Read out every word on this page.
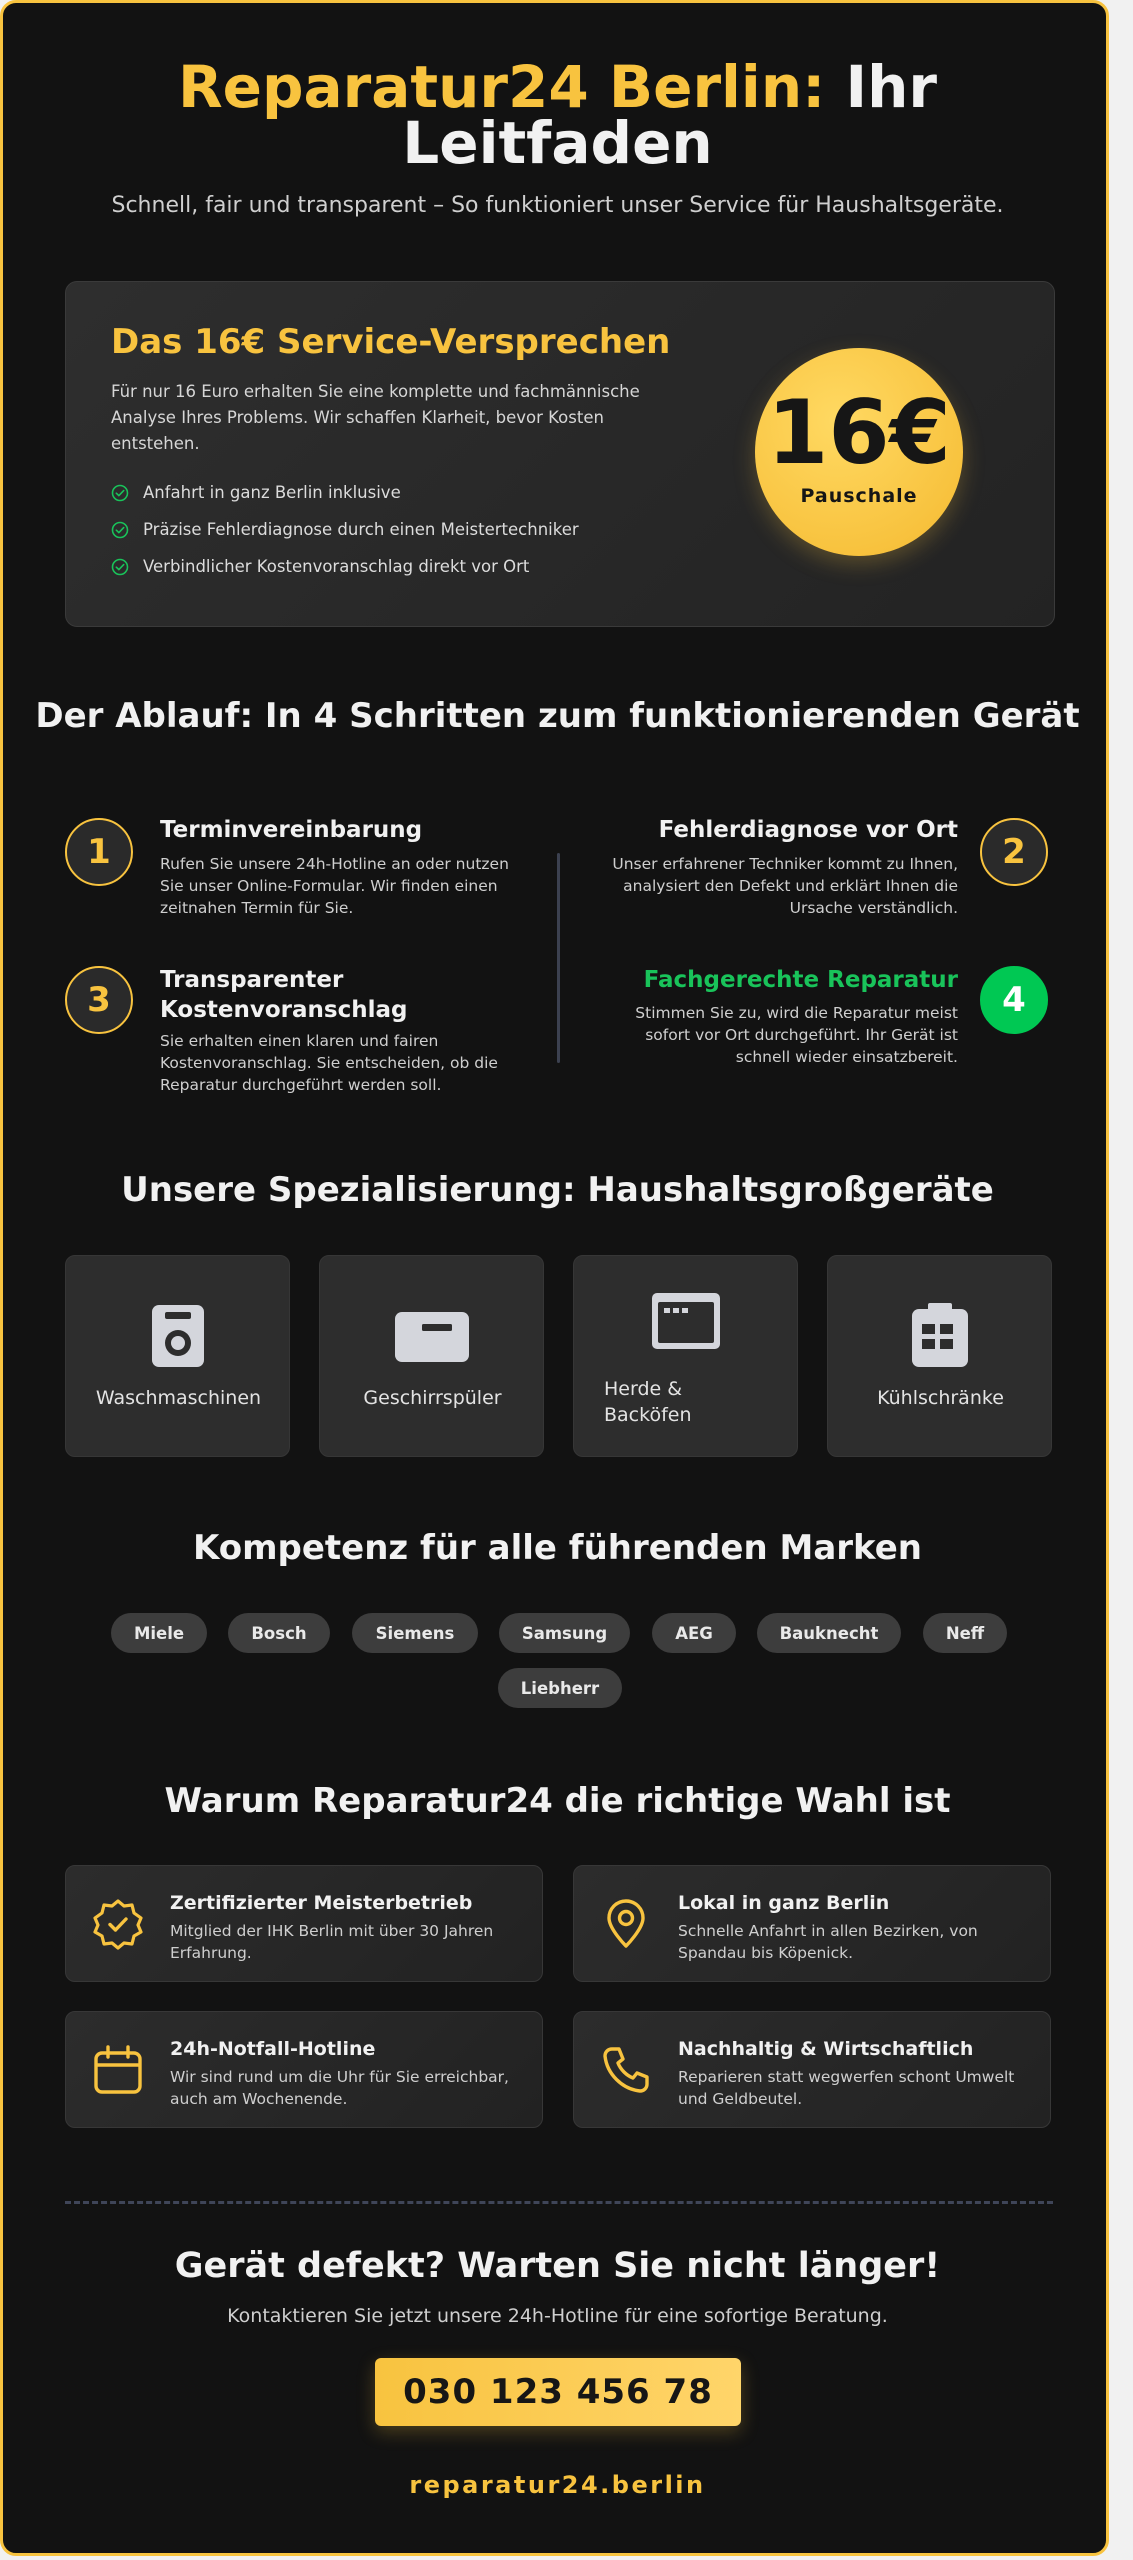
Reparatur24 Berlin: Ihr
Leitfaden
Schnell, fair und transparent – So funktioniert unser Service für Haushaltsgeräte.
Das 16€ Service-Versprechen
Für nur 16 Euro erhalten Sie eine komplette und fachmännische Analyse Ihres Problems. Wir schaffen Klarheit, bevor Kosten entstehen.
Anfahrt in ganz Berlin inklusive
Präzise Fehlerdiagnose durch einen Meistertechniker
Verbindlicher Kostenvoranschlag direkt vor Ort
16€
Pauschale
Der Ablauf: In 4 Schritten zum funktionierenden Gerät
1
Terminvereinbarung
Rufen Sie unsere 24h-Hotline an oder nutzen Sie unser Online-Formular. Wir finden einen zeitnahen Termin für Sie.
2
Fehlerdiagnose vor Ort
Unser erfahrener Techniker kommt zu Ihnen, analysiert den Defekt und erklärt Ihnen die Ursache verständlich.
3	Transparenter Kostenvoranschlag
Sie erhalten einen klaren und fairen Kostenvoranschlag. Sie entscheiden, ob die Reparatur durchgeführt werden soll.
4
Fachgerechte Reparatur
Stimmen Sie zu, wird die Reparatur meist sofort vor Ort durchgeführt. Ihr Gerät ist schnell wieder einsatzbereit.
Unsere Spezialisierung: Haushaltsgroßgeräte
Waschmaschinen	Geschirrspüler	Herde & Backöfen
Kühlschränke
Kompetenz für alle führenden Marken
Miele	Bosch	Siemens	Samsung	AEG	Bauknecht	Neff
Liebherr
Warum Reparatur24 die richtige Wahl ist
Zertifizierter Meisterbetrieb
Mitglied der IHK Berlin mit über 30 Jahren Erfahrung.
Lokal in ganz Berlin
Schnelle Anfahrt in allen Bezirken, von Spandau bis Köpenick.
24h-Notfall-Hotline
Wir sind rund um die Uhr für Sie erreichbar, auch am Wochenende.
Nachhaltig & Wirtschaftlich
Reparieren statt wegwerfen schont Umwelt und Geldbeutel.
Gerät defekt? Warten Sie nicht länger!
Kontaktieren Sie jetzt unsere 24h-Hotline für eine sofortige Beratung.
030 123 456 78
reparatur24.berlin
